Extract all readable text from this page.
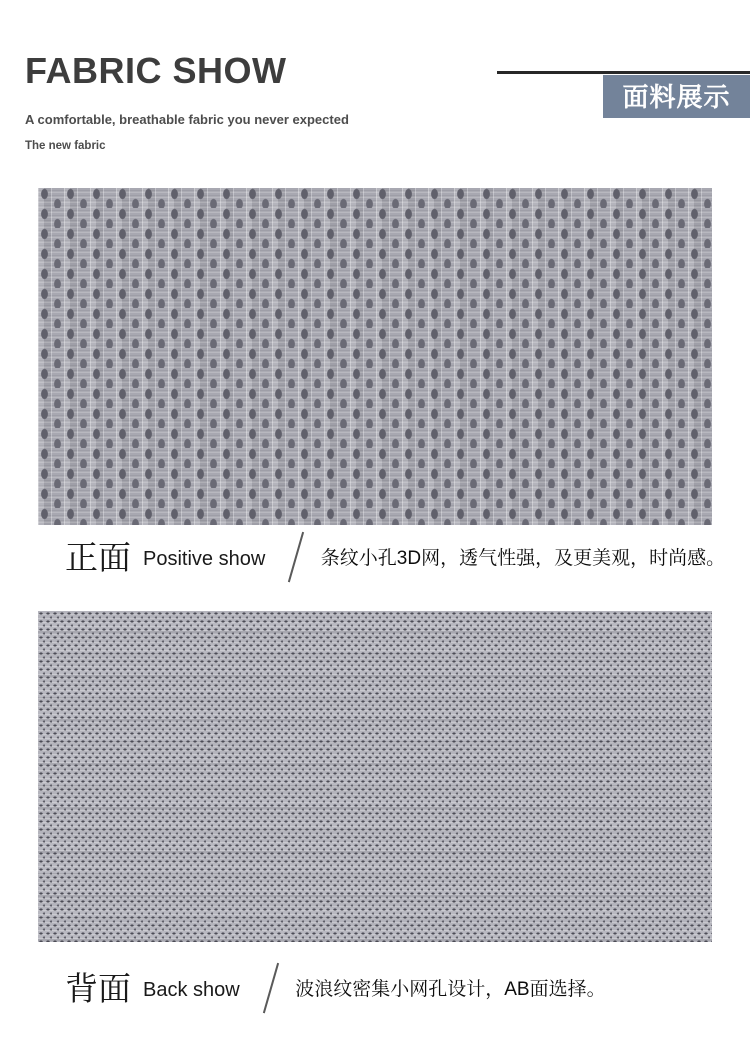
FABRIC SHOW

A comfortable, breathable fabric you never expected

The new fabric

面料展示
正面 Positive show	条纹小孔3D网，透气性强，及更美观，时尚感。
背面 Back show	波浪纹密集小网孔设计，AB面选择。
